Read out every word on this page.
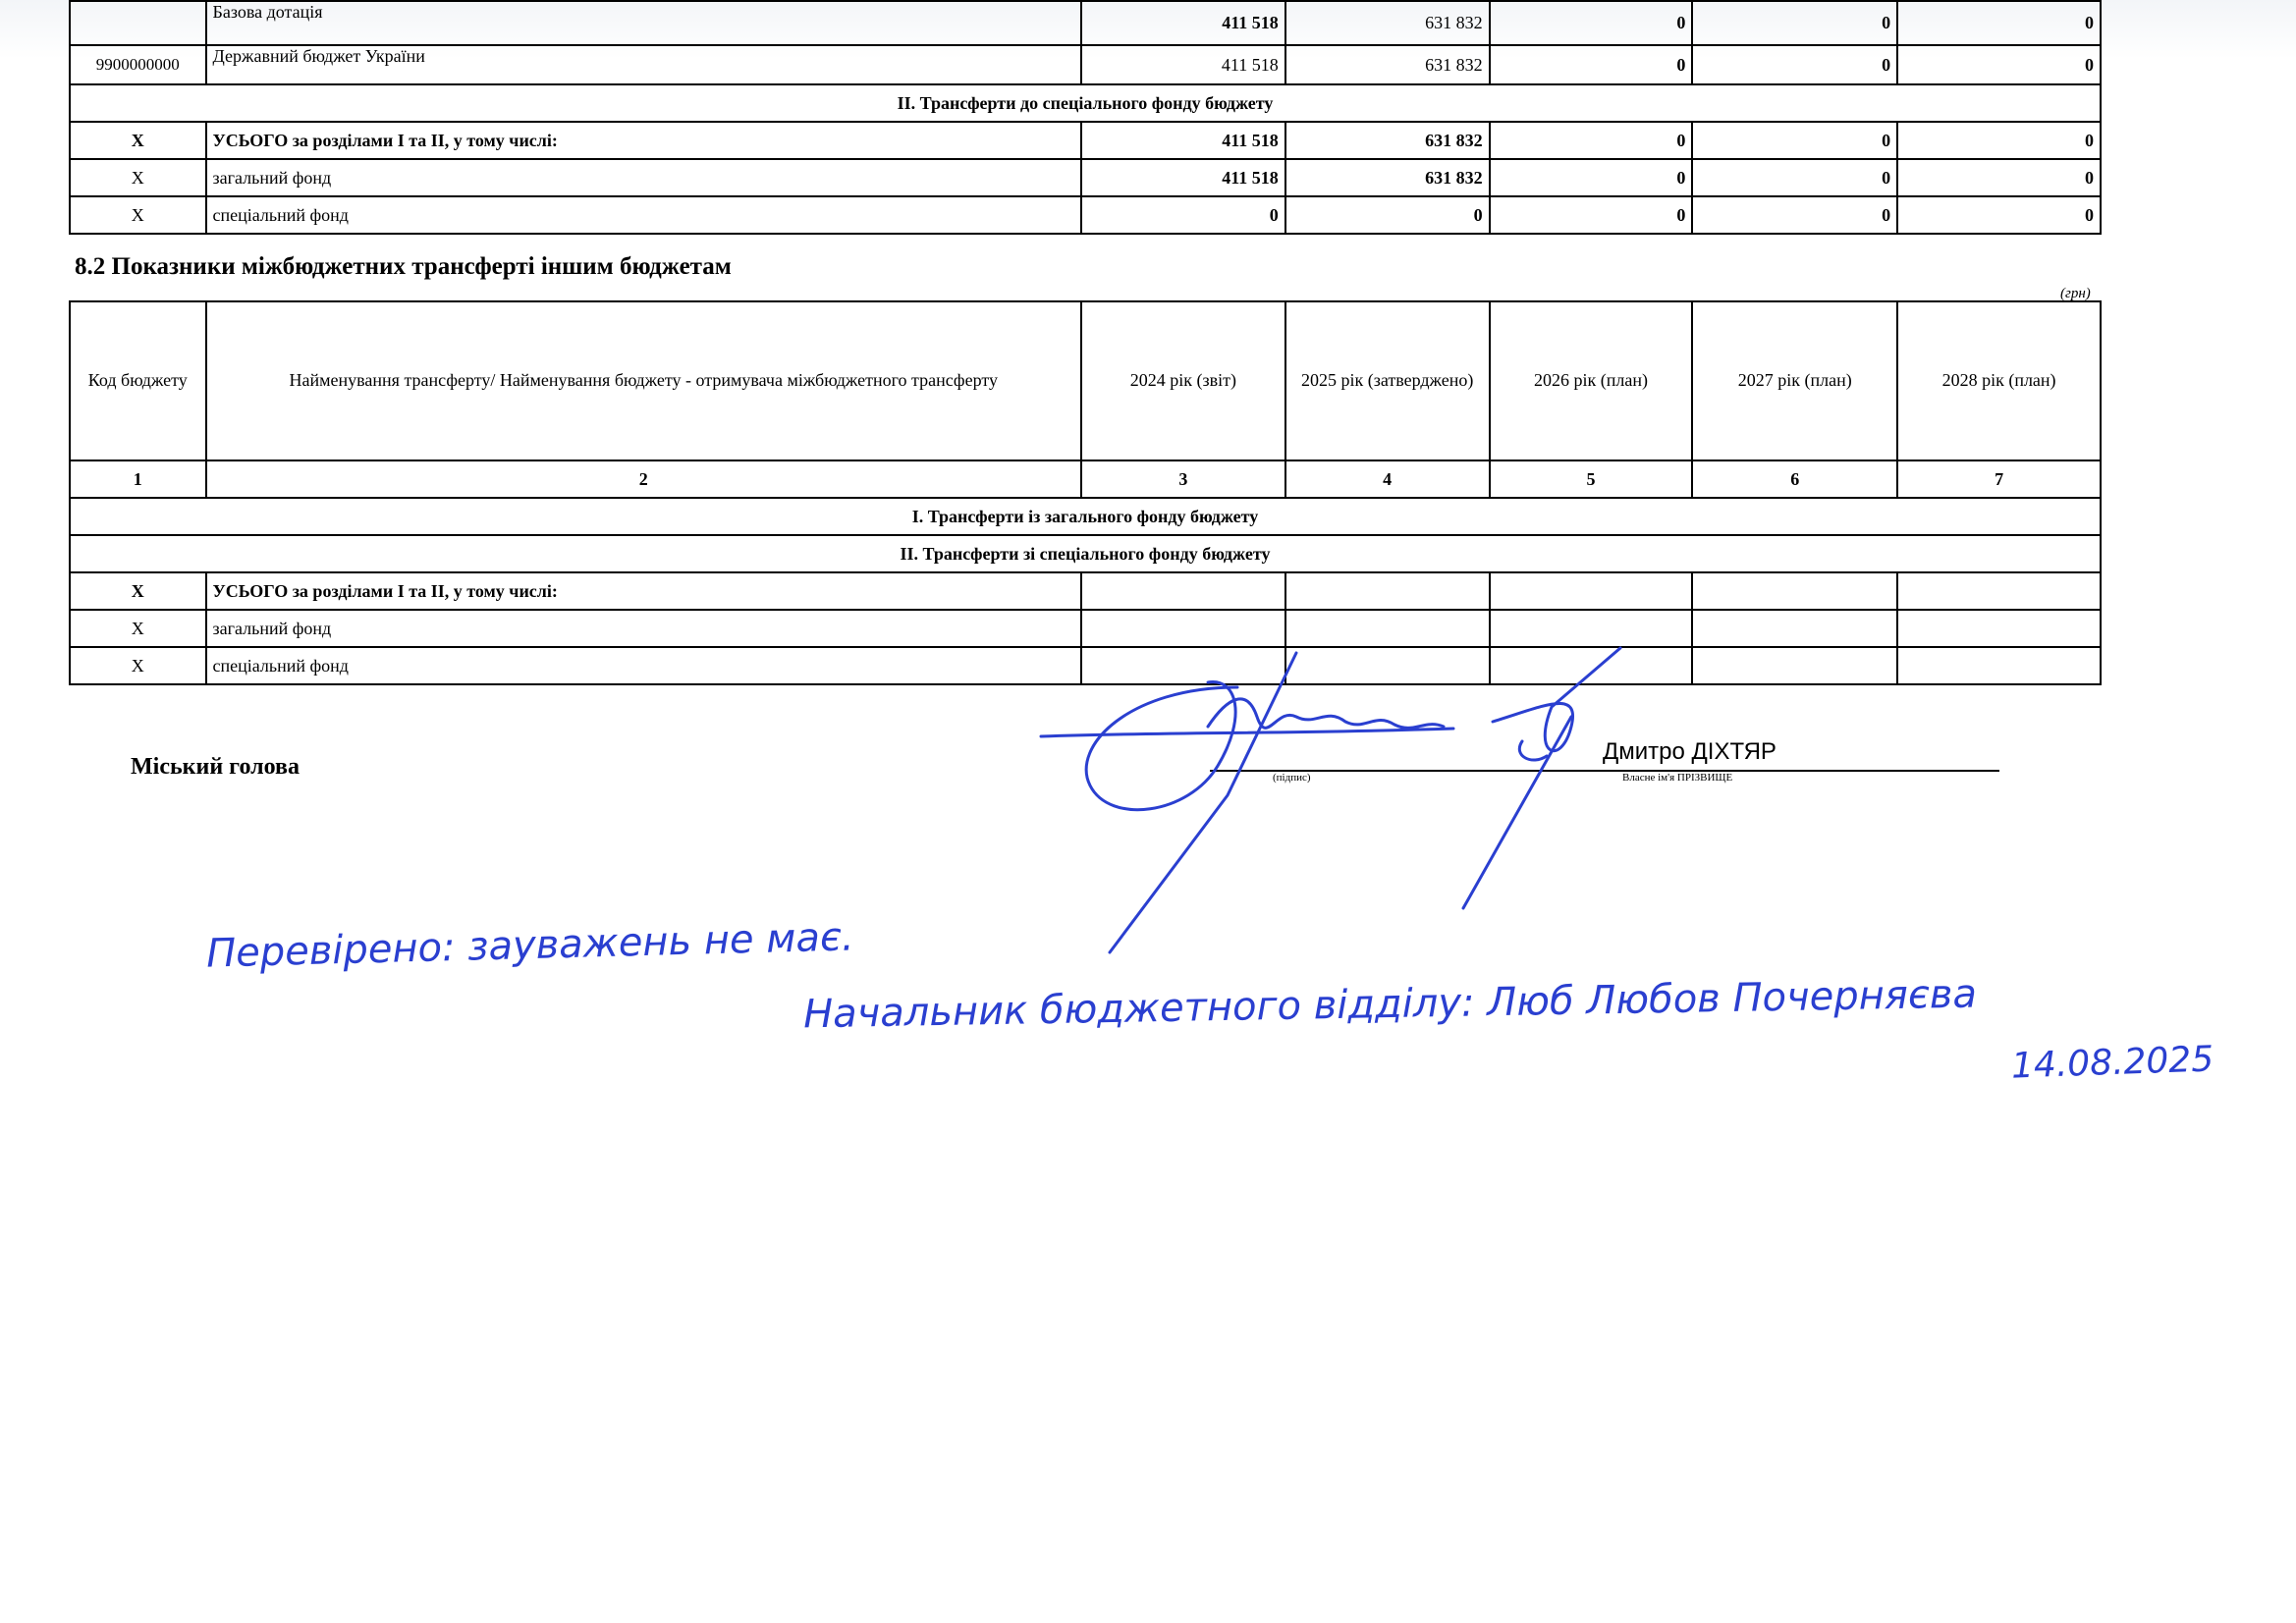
	Базова дотація	411 518	631 832	0	0	0
9900000000	Державний бюджет України	411 518	631 832	0	0	0
II. Трансферти до спеціального фонду бюджету						
Х	УСЬОГО за розділами І та ІІ, у тому числі:	411 518	631 832	0	0	0
Х	загальний фонд	411 518	631 832	0	0	0
Х	спеціальний фонд	0	0	0	0	0
8.2 Показники міжбюджетних трансферті іншим бюджетам
(грн)
Код бюджету	Найменування трансферту/ Найменування бюджету - отримувача міжбюджетного трансферту	2024 рік (звіт)	2025 рік (затверджено)	2026 рік (план)	2027 рік (план)	2028 рік (план)
1	2	3	4	5	6	7
І. Трансферти із загального фонду бюджету						
ІІ. Трансферти зі спеціального фонду бюджету						
Х	УСЬОГО за розділами І та ІІ, у тому числі:					
Х	загальний фонд					
Х	спеціальний фонд					
Міський голова
Дмитро ДІХТЯР
(підпис)	Власне ім'я ПРІЗВИЩЕ
Перевірено: зауважень не має.
Начальник бюджетного відділу: Люб Любов Почерняєва
14.08.2025
